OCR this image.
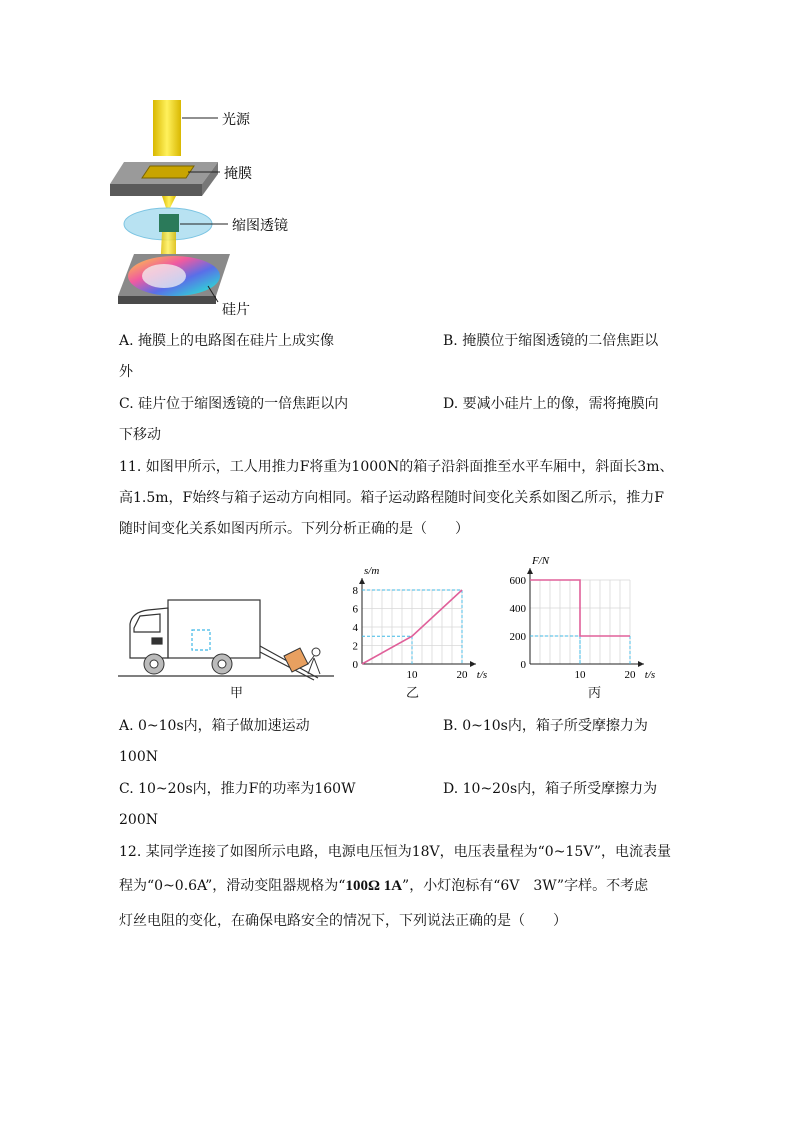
光源
掩膜
缩图透镜
硅片
A. 掩膜上的电路图在硅片上成实像	B. 掩膜位于缩图透镜的二倍焦距以
外
C. 硅片位于缩图透镜的一倍焦距以内	D. 要减小硅片上的像，需将掩膜向
下移动
11. 如图甲所示，工人用推力F将重为1000N的箱子沿斜面推至水平车厢中，斜面长3m、
高1.5m，F始终与箱子运动方向相同。箱子运动路程随时间变化关系如图乙所示，推力F
随时间变化关系如图丙所示。下列分析正确的是（　　）
甲
0
2
4
6
8
10	20 t/s
s/m
乙
0
200
400
600
10	20 t/s
F/N
丙
A. 0~10s内，箱子做加速运动	B. 0~10s内，箱子所受摩擦力为
100N
C. 10~20s内，推力F的功率为160W	D. 10~20s内，箱子所受摩擦力为
200N
12. 某同学连接了如图所示电路，电源电压恒为18V，电压表量程为“0~15V”，电流表量
程为“0~0.6A”，滑动变阻器规格为“100Ω 1A”，小灯泡标有“6V　3W”字样。不考虑
灯丝电阻的变化，在确保电路安全的情况下，下列说法正确的是（　　）
